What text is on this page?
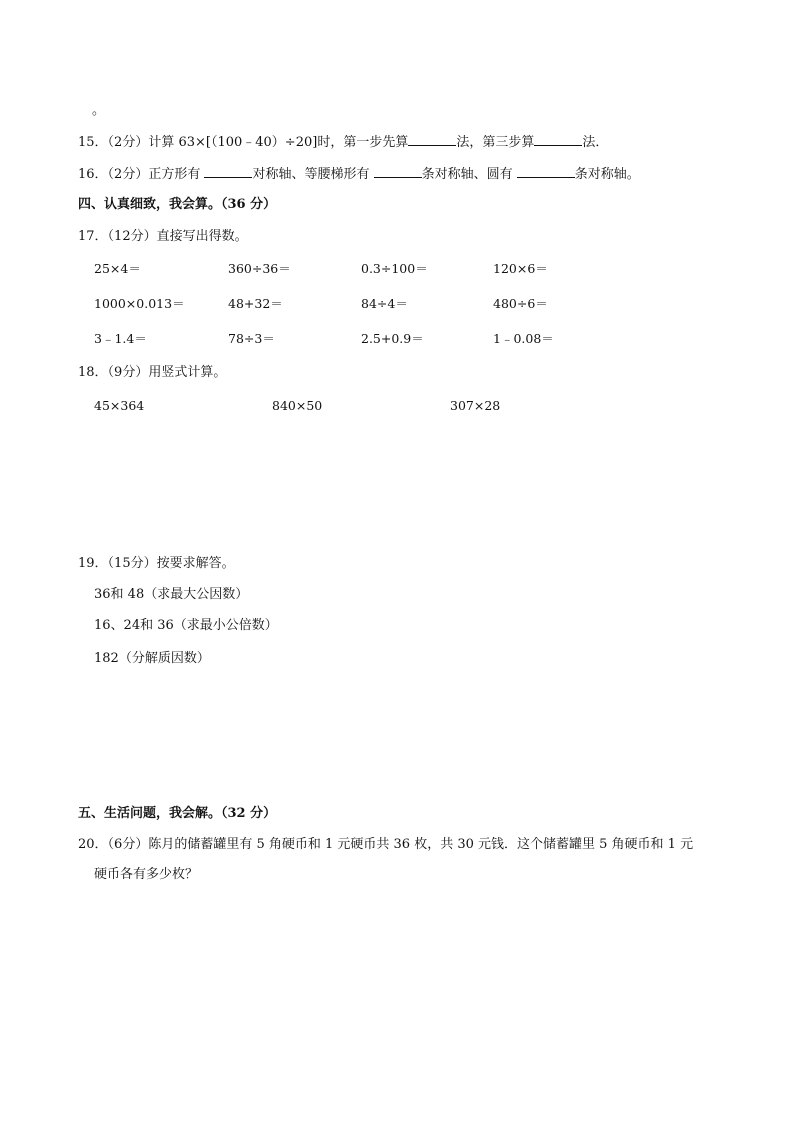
。
15．（2分）计算 63×[（100﹣40）÷20]时，第一步先算	法，第三步算	法．
16．（2分）正方形有	对称轴、等腰梯形有	条对称轴、圆有	条对称轴。
四、认真细致，我会算。（36 分）
17．（12分）直接写出得数。
25×4＝	360÷36＝	0.3÷100＝	120×6＝
1000×0.013＝	48+32＝	84÷4＝	480÷6＝
3﹣1.4＝	78÷3＝	2.5+0.9＝	1﹣0.08＝
18．（9分）用竖式计算。
45×364	840×50	307×28
19．（15分）按要求解答。
36和 48（求最大公因数）
16、24和 36（求最小公倍数）
182（分解质因数）
五、生活问题，我会解。（32 分）
20．（6分）陈月的储蓄罐里有 5 角硬币和 1 元硬币共 36 枚，共 30 元钱．这个储蓄罐里 5 角硬币和 1 元
硬币各有多少枚？
